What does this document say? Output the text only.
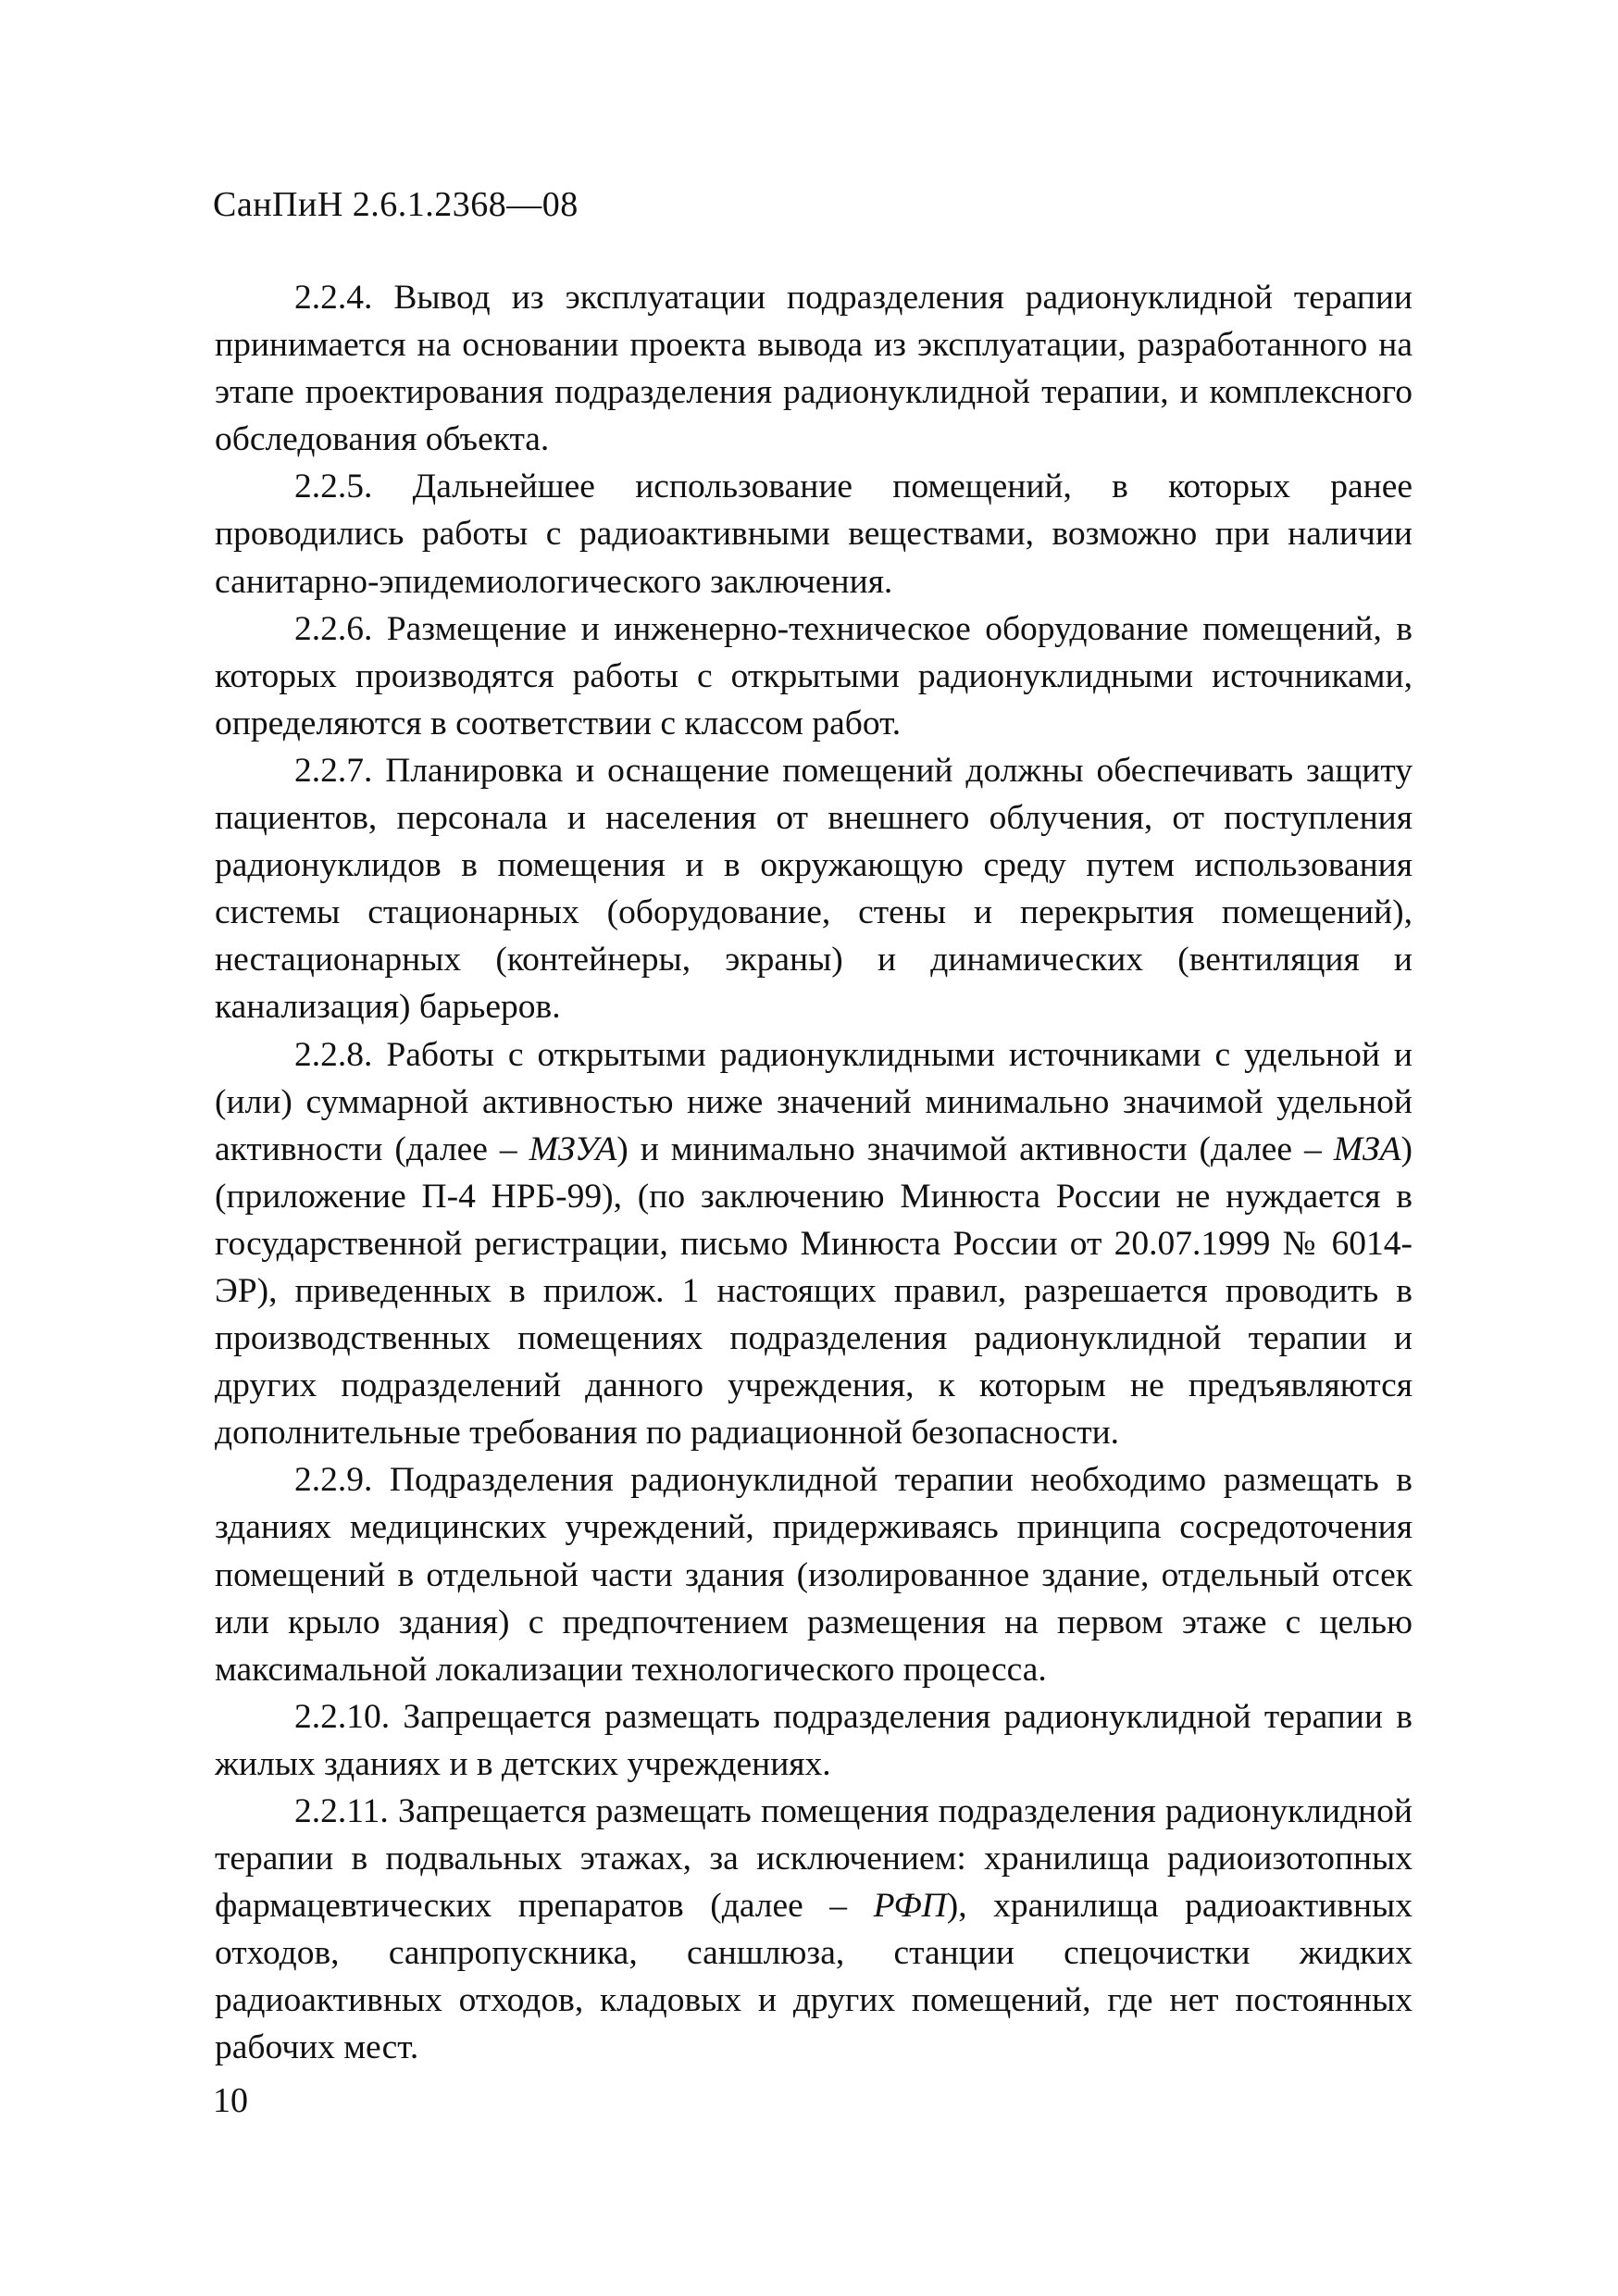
СанПиН 2.6.1.2368—08

2.2.4. Вывод из эксплуатации подразделения радионуклидной терапии принимается на основании проекта вывода из эксплуатации, разработанного на этапе проектирования подразделения радионуклидной терапии, и комплексного обследования объекта.

2.2.5. Дальнейшее использование помещений, в которых ранее проводились работы с радиоактивными веществами, возможно при наличии санитарно-эпидемиологического заключения.

2.2.6. Размещение и инженерно-техническое оборудование помещений, в которых производятся работы с открытыми радионуклидными источниками, определяются в соответствии с классом работ.

2.2.7. Планировка и оснащение помещений должны обеспечивать защиту пациентов, персонала и населения от внешнего облучения, от поступления радионуклидов в помещения и в окружающую среду путем использования системы стационарных (оборудование, стены и перекрытия помещений), нестационарных (контейнеры, экраны) и динамических (вентиляция и канализация) барьеров.

2.2.8. Работы с открытыми радионуклидными источниками с удельной и (или) суммарной активностью ниже значений минимально значимой удельной активности (далее – МЗУА) и минимально значимой активности (далее – МЗА) (приложение П-4 НРБ-99), (по заключению Минюста России не нуждается в государственной регистрации, письмо Минюста России от 20.07.1999 № 6014-ЭР), приведенных в прилож. 1 настоящих правил, разрешается проводить в производственных помещениях подразделения радионуклидной терапии и других подразделений данного учреждения, к которым не предъявляются дополнительные требования по радиационной безопасности.

2.2.9. Подразделения радионуклидной терапии необходимо размещать в зданиях медицинских учреждений, придерживаясь принципа сосредоточения помещений в отдельной части здания (изолированное здание, отдельный отсек или крыло здания) с предпочтением размещения на первом этаже с целью максимальной локализации технологического процесса.

2.2.10. Запрещается размещать подразделения радионуклидной терапии в жилых зданиях и в детских учреждениях.

2.2.11. Запрещается размещать помещения подразделения радионуклидной терапии в подвальных этажах, за исключением: хранилища радиоизотопных фармацевтических препаратов (далее – РФП), хранилища радиоактивных отходов, санпропускника, саншлюза, станции спецочистки жидких радиоактивных отходов, кладовых и других помещений, где нет постоянных рабочих мест.

10
